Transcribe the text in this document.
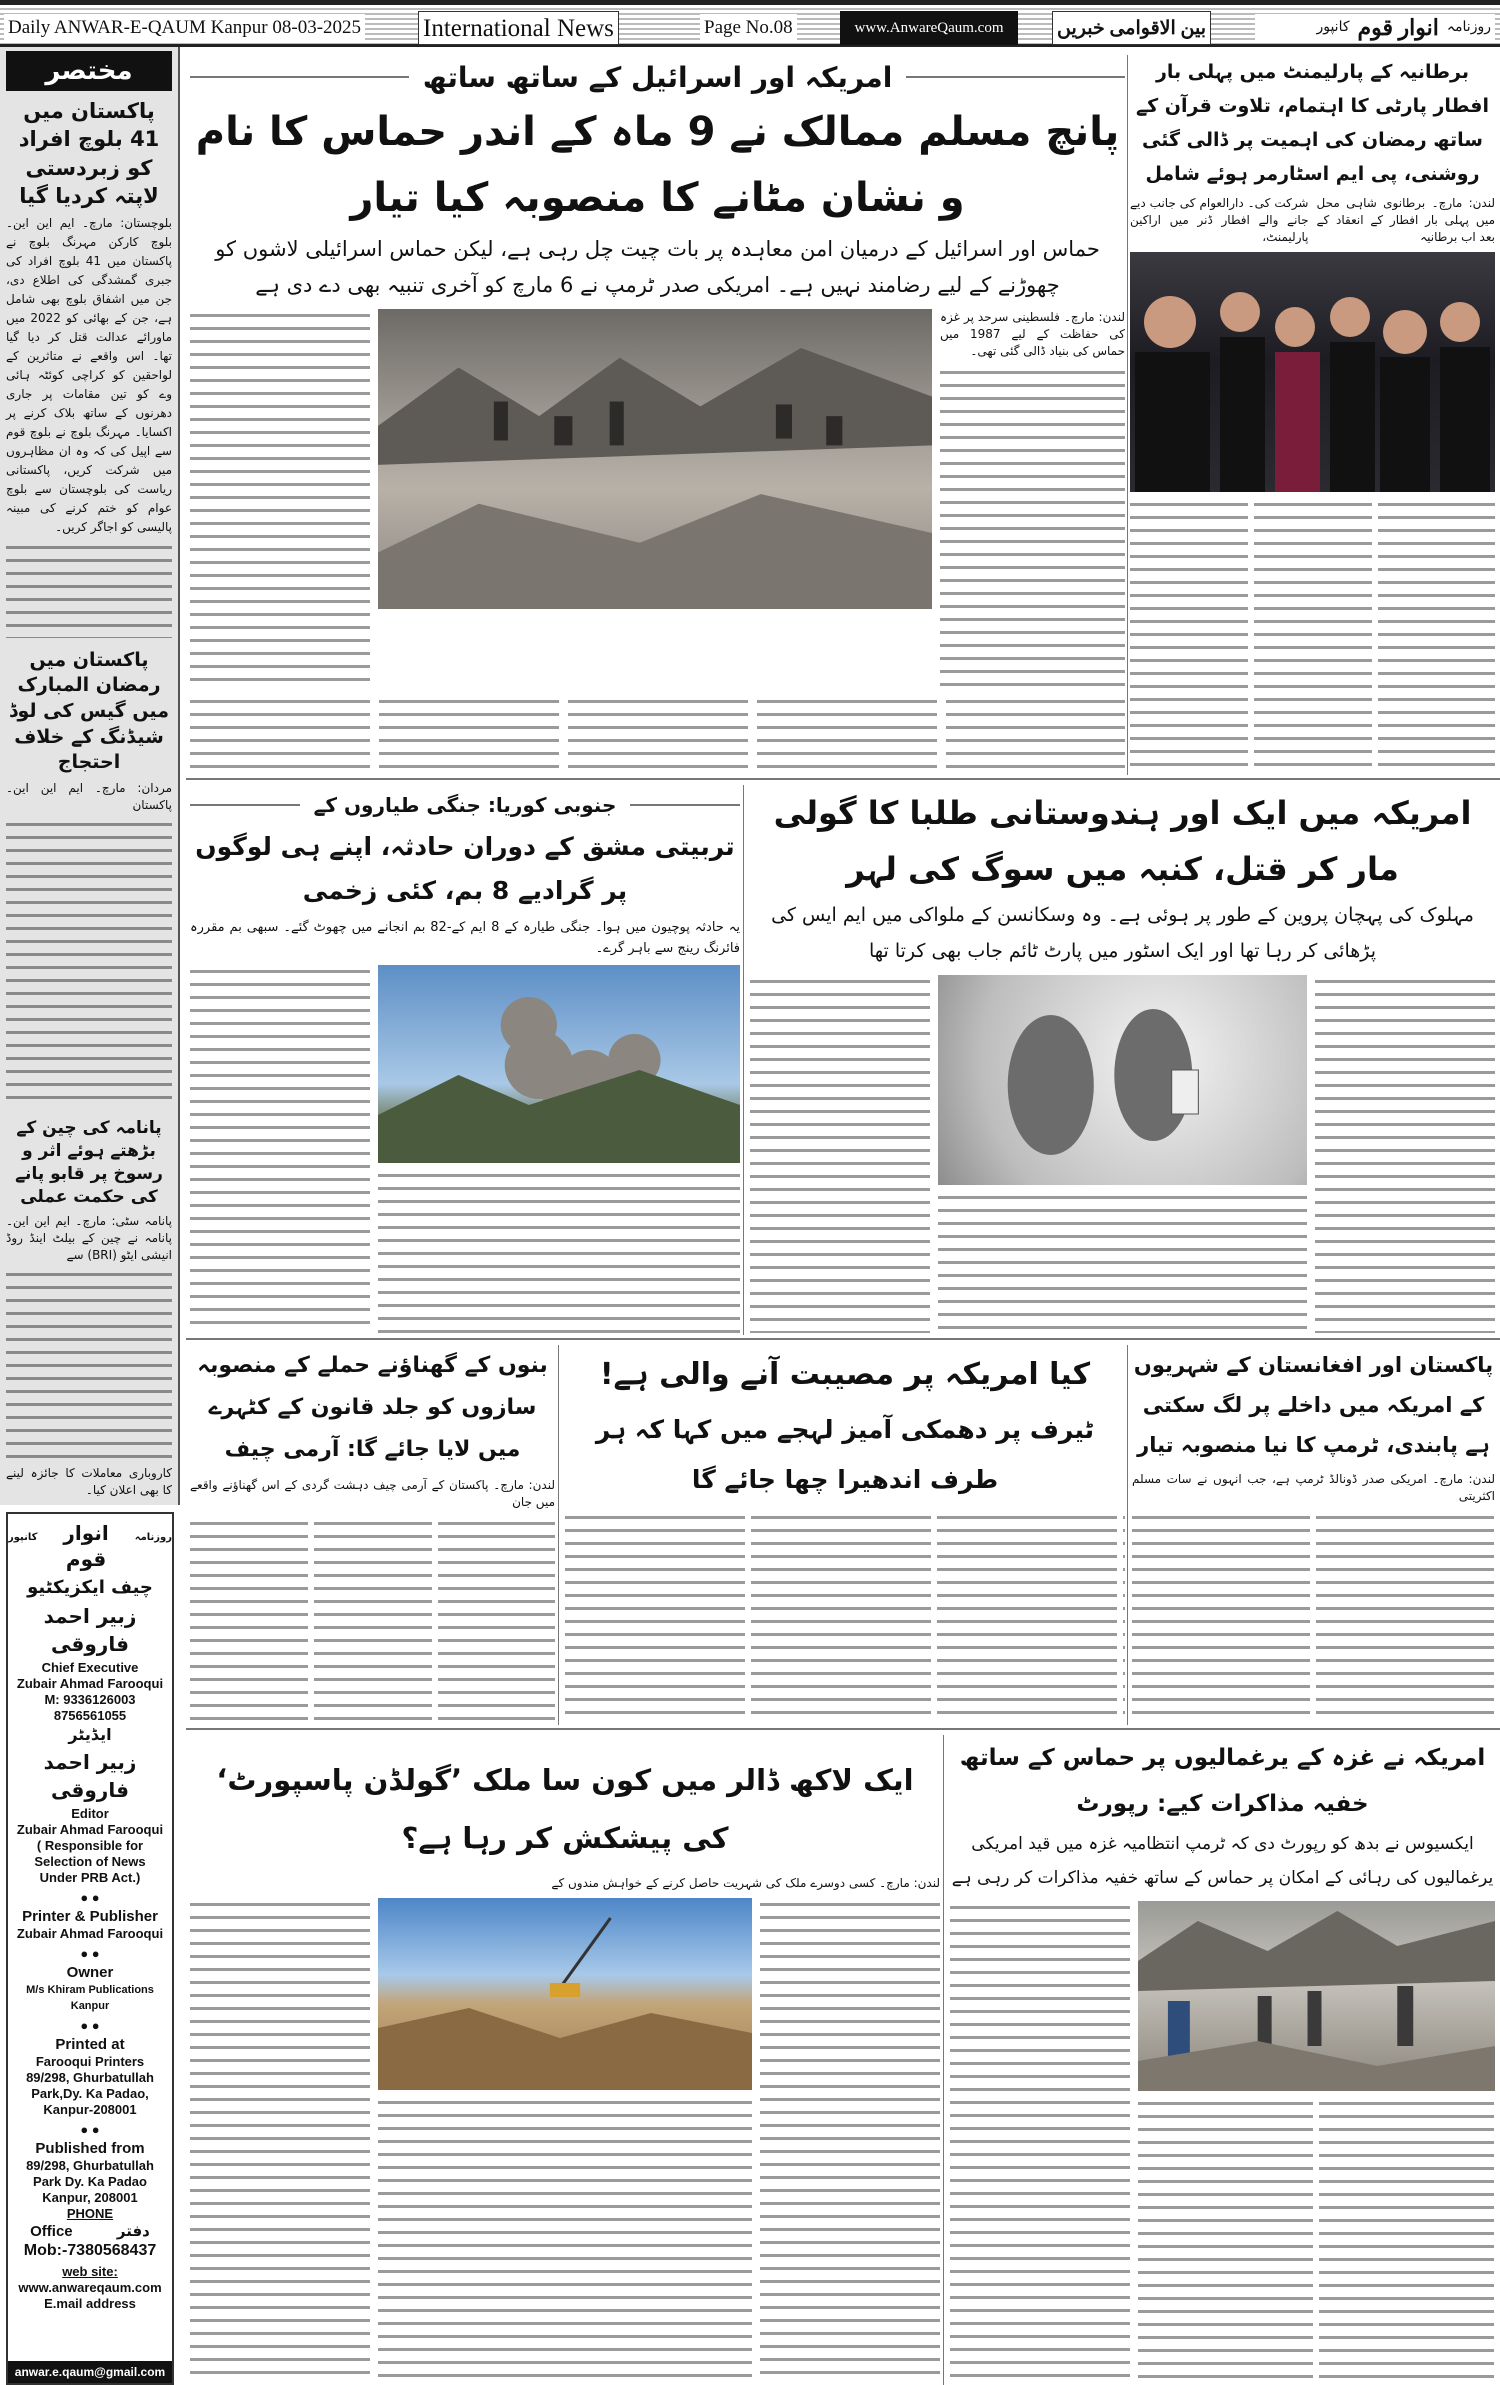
Daily ANWAR-E-QAUM Kanpur 08-03-2025 International News	Page No.08	www.AnwareQaum.com	بین الاقوامی خبریں	روزنامہ
انوار قوم
کانپور
مختصر
پاکستان میں 41 بلوچ افراد کو زبردستی لاپتہ کردیا گیا
بلوچستان: مارچ۔ ایم این این۔ بلوچ کارکن مہرنگ بلوچ نے پاکستان میں 41 بلوچ افراد کی جبری گمشدگی کی اطلاع دی، جن میں اشفاق بلوچ بھی شامل ہے، جن کے بھائی کو 2022 میں ماورائے عدالت قتل کر دیا گیا تھا۔ اس واقعے نے متاثرین کے لواحقین کو کراچی کوئٹہ ہائی وے کو تین مقامات پر جاری دھرنوں کے ساتھ بلاک کرنے پر اکسایا۔ مہرنگ بلوچ نے بلوچ قوم سے اپیل کی کہ وہ ان مظاہروں میں شرکت کریں، پاکستانی ریاست کی بلوچستان سے بلوچ عوام کو ختم کرنے کی مبینہ پالیسی کو اجاگر کریں۔
پاکستان میں رمضان المبارک میں گیس کی لوڈ شیڈنگ کے خلاف احتجاج
مردان: مارچ۔ ایم این این۔ پاکستان
پانامہ کی چین کے بڑھتے ہوئے اثر و رسوخ پر قابو پانے کی حکمت عملی
پانامہ سٹی: مارچ۔ ایم این این۔ پانامہ نے چین کے بیلٹ اینڈ روڈ انیشی ایٹو (BRI) سے
کاروباری معاملات کا جائزہ لینے کا بھی اعلان کیا۔
روزنامہ
انوار قوم
کانپور
چیف ایکزیکٹیو
زبیر احمد فاروقی
Chief Executive
Zubair Ahmad Farooqui
M: 9336126003
8756561055
ایڈیٹر
زبیر احمد فاروقی
Editor
Zubair Ahmad Farooqui
( Responsible for Selection of News Under PRB Act.)
● ●
Printer & Publisher
Zubair Ahmad Farooqui
● ●
Owner
M/s Khiram Publications Kanpur
● ●
Printed at
Farooqui Printers 89/298, Ghurbatullah Park,Dy. Ka Padao, Kanpur-208001
● ●
Published from
89/298, Ghurbatullah Park Dy. Ka Padao Kanpur, 208001
PHONE
Office	دفتر
Mob:-7380568437
web site:
www.anwareqaum.com
E.mail address
anwar.e.qaum@gmail.com
امریکہ اور اسرائیل کے ساتھ ساتھ
پانچ مسلم ممالک نے 9 ماہ کے اندر حماس کا نام و نشان مٹانے کا منصوبہ کیا تیار
حماس اور اسرائیل کے درمیان امن معاہدہ پر بات چیت چل رہی ہے، لیکن حماس اسرائیلی لاشوں کو چھوڑنے کے لیے رضامند نہیں ہے۔ امریکی صدر ٹرمپ نے 6 مارچ کو آخری تنبیہ بھی دے دی ہے
لندن: مارچ۔ فلسطینی سرحد پر غزہ کی حفاظت کے لیے 1987 میں حماس کی بنیاد ڈالی گئی تھی۔
برطانیہ کے پارلیمنٹ میں پہلی بار افطار پارٹی کا اہتمام، تلاوت قرآن کے ساتھ رمضان کی اہمیت پر ڈالی گئی روشنی، پی ایم اسٹارمر ہوئے شامل
لندن: مارچ۔ برطانوی شاہی محل میں پہلی بار افطار کے انعقاد کے بعد اب برطانیہ
شرکت کی۔ دارالعوام کی جانب دیے جانے والے افطار ڈنر میں اراکین پارلیمنٹ،
جنوبی کوریا: جنگی طیاروں کے
تربیتی مشق کے دوران حادثہ، اپنے ہی لوگوں پر گرادیے 8 بم، کئی زخمی
یہ حادثہ پوچیون میں ہوا۔ جنگی طیارہ کے 8 ایم کے-82 بم انجانے میں چھوٹ گئے۔ سبھی بم مقررہ فائرنگ رینج سے باہر گرے۔
امریکہ میں ایک اور ہندوستانی طلبا کا گولی مار کر قتل، کنبہ میں سوگ کی لہر
مہلوک کی پہچان پروین کے طور پر ہوئی ہے۔ وہ وسکانسن کے ملواکی میں ایم ایس کی پڑھائی کر رہا تھا اور ایک اسٹور میں پارٹ ٹائم جاب بھی کرتا تھا
بنوں کے گھناؤنے حملے کے منصوبہ سازوں کو جلد قانون کے کٹہرے میں لایا جائے گا: آرمی چیف
لندن: مارچ۔ پاکستان کے آرمی چیف دہشت گردی کے اس گھناؤنے واقعے میں جان
کیا امریکہ پر مصیبت آنے والی ہے!
ٹیرف پر دھمکی آمیز لہجے میں کہا کہ ہر طرف اندھیرا چھا جائے گا
پاکستان اور افغانستان کے شہریوں کے امریکہ میں داخلے پر لگ سکتی ہے پابندی، ٹرمپ کا نیا منصوبہ تیار
لندن: مارچ۔ امریکی صدر ڈونالڈ ٹرمپ ہے، جب انہوں نے سات مسلم اکثریتی
ایک لاکھ ڈالر میں کون سا ملک ’گولڈن پاسپورٹ‘ کی پیشکش کر رہا ہے؟
لندن: مارچ۔ کسی دوسرے ملک کی شہریت حاصل کرنے کے خواہش مندوں کے
امریکہ نے غزہ کے یرغمالیوں پر حماس کے ساتھ خفیہ مذاکرات کیے: رپورٹ
ایکسیوس نے بدھ کو رپورٹ دی کہ ٹرمپ انتظامیہ غزہ میں قید امریکی یرغمالیوں کی رہائی کے امکان پر حماس کے ساتھ خفیہ مذاکرات کر رہی ہے
